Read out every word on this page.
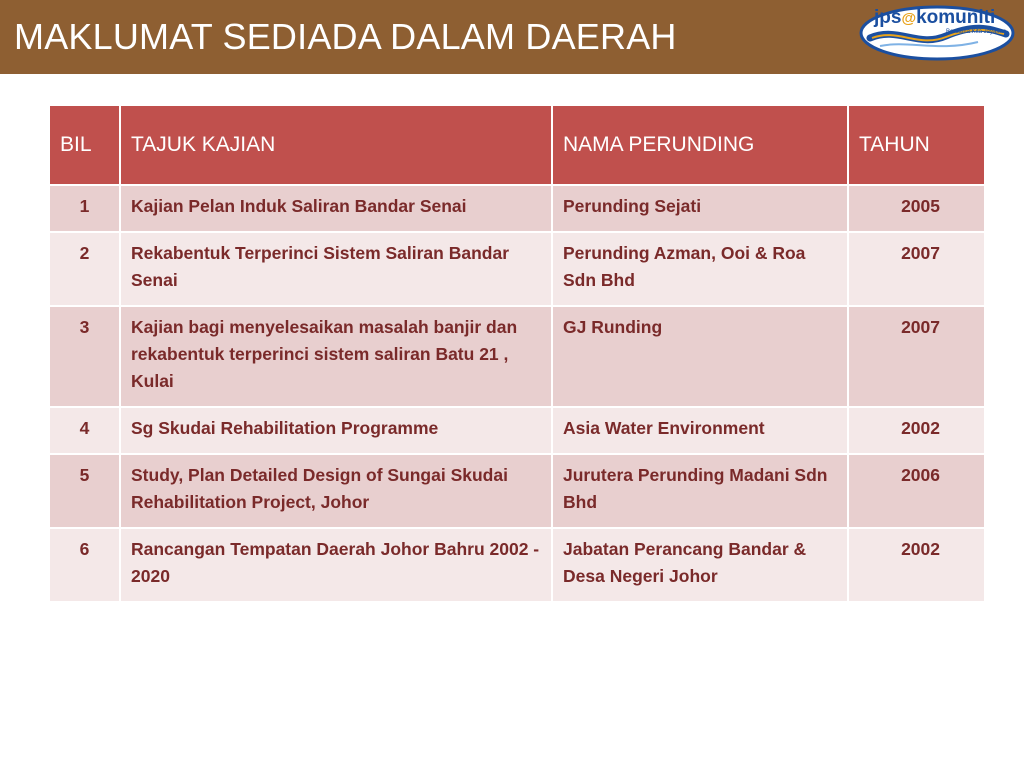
MAKLUMAT SEDIADA DALAM DAERAH	jps@komuniti
Bersama Kita Jayakan
BIL	TAJUK KAJIAN	NAMA PERUNDING	TAHUN
1	Kajian Pelan Induk Saliran Bandar Senai	Perunding Sejati	2005
2	Rekabentuk Terperinci Sistem Saliran Bandar Senai	Perunding Azman, Ooi & Roa Sdn Bhd	2007
3	Kajian bagi menyelesaikan masalah banjir dan rekabentuk terperinci sistem saliran Batu 21 , Kulai	GJ Runding	2007
4	Sg Skudai Rehabilitation Programme	Asia Water Environment	2002
5	Study, Plan Detailed Design of Sungai Skudai Rehabilitation Project, Johor	Jurutera Perunding Madani Sdn Bhd	2006
6	Rancangan Tempatan Daerah Johor Bahru 2002 - 2020	Jabatan Perancang Bandar & Desa Negeri Johor	2002
